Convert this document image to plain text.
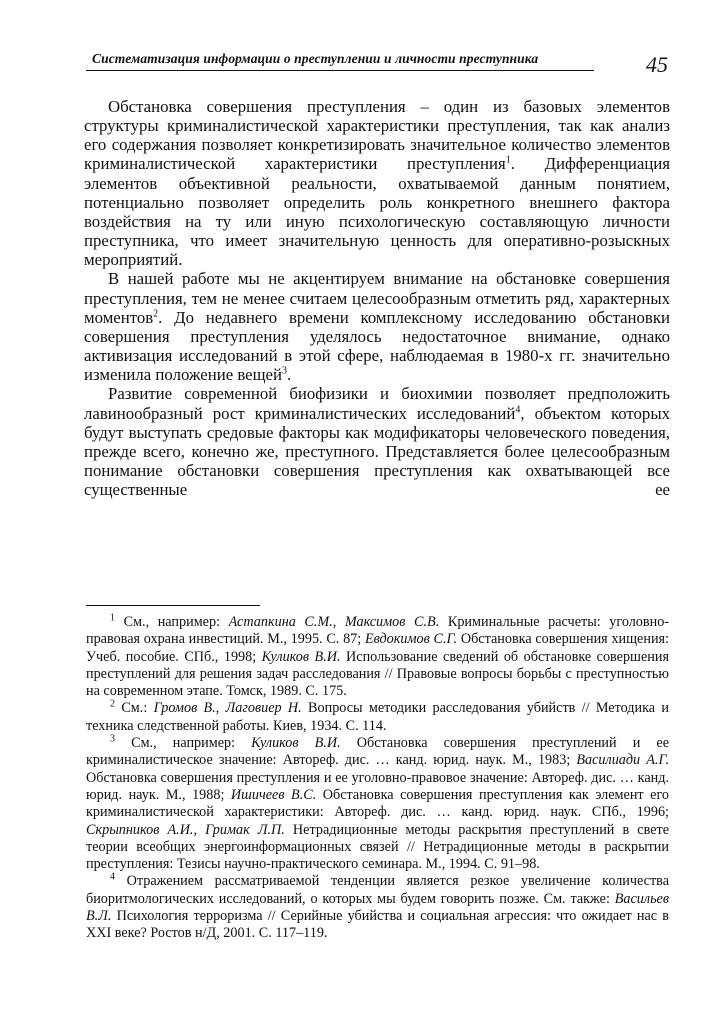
Систематизация информации о преступлении и личности преступника	45

Обстановка совершения преступления – один из базовых элементов структуры криминалистической характеристики преступления, так как анализ его содержания позволяет конкретизировать значительное количество элементов криминалистической характеристики преступления$^1$. Дифференциация элементов объективной реальности, охватываемой данным понятием, потенциально позволяет определить роль конкретного внешнего фактора воздействия на ту или иную психологическую составляющую личности преступника, что имеет значительную ценность для оперативно-розыскных мероприятий.

В нашей работе мы не акцентируем внимание на обстановке совершения преступления, тем не менее считаем целесообразным отметить ряд, характерных моментов$^2$. До недавнего времени комплексному исследованию обстановки совершения преступления уделялось недостаточное внимание, однако активизация исследований в этой сфере, наблюдаемая в 1980-х гг. значительно изменила положение вещей$^3$.

Развитие современной биофизики и биохимии позволяет предположить лавинообразный рост криминалистических исследований$^4$, объектом которых будут выступать средовые факторы как модификаторы человеческого поведения, прежде всего, конечно же, преступного. Представляется более целесообразным понимание обстановки совершения преступления как охватывающей все существенные ее

$^1$ См., например: Астапкина С.М., Максимов С.В. Криминальные расчеты: уголовно-правовая охрана инвестиций. М., 1995. С. 87; Евдокимов С.Г. Обстановка совершения хищения: Учеб. пособие. СПб., 1998; Куликов В.И. Использование сведений об обстановке совершения преступлений для решения задач расследования // Правовые вопросы борьбы с преступностью на современном этапе. Томск, 1989. С. 175.

$^2$ См.: Громов В., Лаговиер Н. Вопросы методики расследования убийств // Методика и техника следственной работы. Киев, 1934. С. 114.

$^3$ См., например: Куликов В.И. Обстановка совершения преступлений и ее криминалистическое значение: Автореф. дис. … канд. юрид. наук. М., 1983; Василиади А.Г. Обстановка совершения преступления и ее уголовно-правовое значение: Автореф. дис. … канд. юрид. наук. М., 1988; Ишичеев В.С. Обстановка совершения преступления как элемент его криминалистической характеристики: Автореф. дис. … канд. юрид. наук. СПб., 1996; Скрыпников А.И., Гримак Л.П. Нетрадиционные методы раскрытия преступлений в свете теории всеобщих энергоинформационных связей // Нетрадиционные методы в раскрытии преступления: Тезисы научно-практического семинара. М., 1994. С. 91–98.

$^4$ Отражением рассматриваемой тенденции является резкое увеличение количества биоритмологических исследований, о которых мы будем говорить позже. См. также: Васильев В.Л. Психология терроризма // Серийные убийства и социальная агрессия: что ожидает нас в XXI веке? Ростов н/Д, 2001. С. 117–119.
